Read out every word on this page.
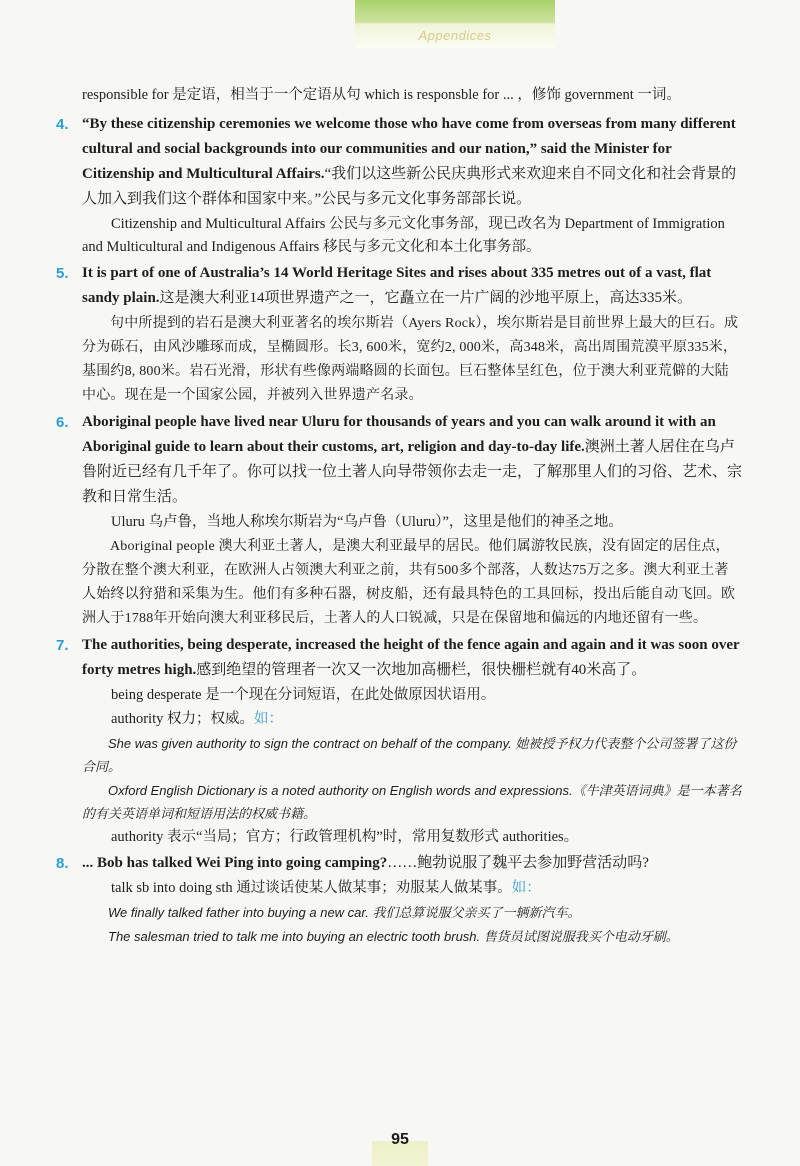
Appendices

responsible for 是定语，相当于一个定语从句 which is responsble for ... ，修饰 government 一词。

4. “By these citizenship ceremonies we welcome those who have come from overseas from many different cultural and social backgrounds into our communities and our nation,” said the Minister for Citizenship and Multicultural Affairs.“我们以这些新公民庆典形式来欢迎来自不同文化和社会背景的人加入到我们这个群体和国家中来。”公民与多元文化事务部部长说。

Citizenship and Multicultural Affairs 公民与多元文化事务部，现已改名为 Department of Immigration and Multicultural and Indigenous Affairs 移民与多元文化和本土化事务部。

5. It is part of one of Australia’s 14 World Heritage Sites and rises about 335 metres out of a vast, flat sandy plain.这是澳大利亚14项世界遗产之一，它矗立在一片广阔的沙地平原上，高达335米。

句中所提到的岩石是澳大利亚著名的埃尔斯岩（Ayers Rock），埃尔斯岩是目前世界上最大的巨石。成分为砾石，由风沙雕琢而成，呈椭圆形。长3, 600米，宽约2, 000米，高348米，高出周围荒漠平原335米，基围约8, 800米。岩石光滑，形状有些像两端略圆的长面包。巨石整体呈红色，位于澳大利亚荒僻的大陆中心。现在是一个国家公园，并被列入世界遗产名录。

6. Aboriginal people have lived near Uluru for thousands of years and you can walk around it with an Aboriginal guide to learn about their customs, art, religion and day-to-day life.澳洲土著人居住在乌卢鲁附近已经有几千年了。你可以找一位土著人向导带领你去走一走，了解那里人们的习俗、艺术、宗教和日常生活。

Uluru 乌卢鲁，当地人称埃尔斯岩为“乌卢鲁（Uluru）”，这里是他们的神圣之地。

Aboriginal people 澳大利亚土著人，是澳大利亚最早的居民。他们属游牧民族，没有固定的居住点，分散在整个澳大利亚，在欧洲人占领澳大利亚之前，共有500多个部落，人数达75万之多。澳大利亚土著人始终以狩猎和采集为生。他们有多种石器，树皮船，还有最具特色的工具回标，投出后能自动飞回。欧洲人于1788年开始向澳大利亚移民后，土著人的人口锐减，只是在保留地和偏远的内地还留有一些。

7. The authorities, being desperate, increased the height of the fence again and again and it was soon over forty metres high.感到绝望的管理者一次又一次地加高栅栏，很快栅栏就有40米高了。

being desperate 是一个现在分词短语，在此处做原因状语用。

authority 权力；权威。如：

She was given authority to sign the contract on behalf of the company. 她被授予权力代表整个公司签署了这份合同。

Oxford English Dictionary is a noted authority on English words and expressions.《牛津英语词典》是一本著名的有关英语单词和短语用法的权威书籍。

authority 表示“当局；官方；行政管理机构”时，常用复数形式 authorities。

8. ... Bob has talked Wei Ping into going camping?……鲍勃说服了魏平去参加野营活动吗?

talk sb into doing sth 通过谈话使某人做某事；劝服某人做某事。如：

We finally talked father into buying a new car. 我们总算说服父亲买了一辆新汽车。

The salesman tried to talk me into buying an electric tooth brush. 售货员试图说服我买个电动牙刷。

95
